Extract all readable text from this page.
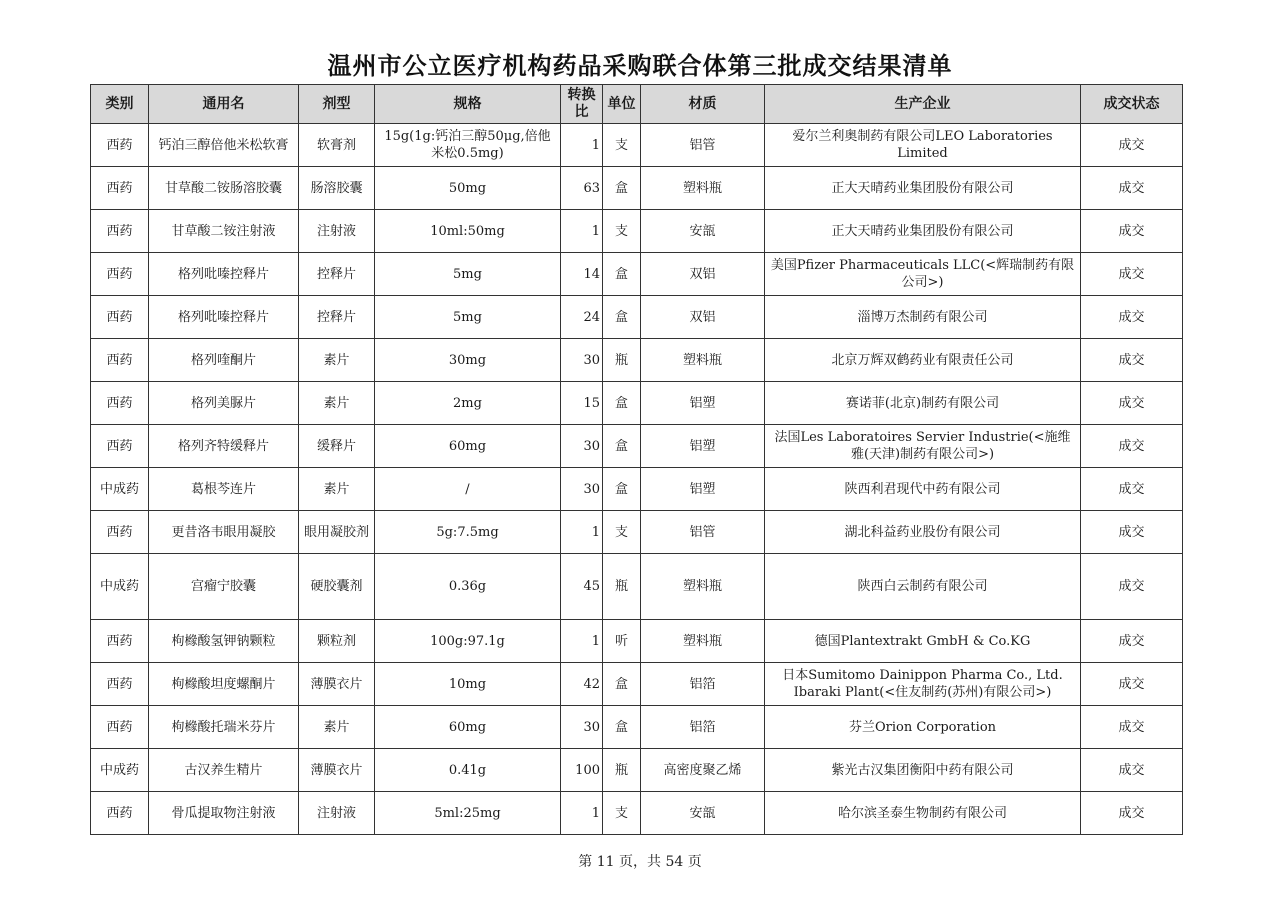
温州市公立医疗机构药品采购联合体第三批成交结果清单
类别	通用名	剂型	规格	转换比	单位	材质	生产企业	成交状态
西药	钙泊三醇倍他米松软膏	软膏剂	15g(1g:钙泊三醇50μg,倍他米松0.5mg)	1	支	铝管	爱尔兰利奥制药有限公司LEO Laboratories Limited	成交
西药	甘草酸二铵肠溶胶囊	肠溶胶囊	50mg	63	盒	塑料瓶	正大天晴药业集团股份有限公司	成交
西药	甘草酸二铵注射液	注射液	10ml:50mg	1	支	安瓿	正大天晴药业集团股份有限公司	成交
西药	格列吡嗪控释片	控释片	5mg	14	盒	双铝	美国Pfizer Pharmaceuticals LLC(<辉瑞制药有限公司>)	成交
西药	格列吡嗪控释片	控释片	5mg	24	盒	双铝	淄博万杰制药有限公司	成交
西药	格列喹酮片	素片	30mg	30	瓶	塑料瓶	北京万辉双鹤药业有限责任公司	成交
西药	格列美脲片	素片	2mg	15	盒	铝塑	赛诺菲(北京)制药有限公司	成交
西药	格列齐特缓释片	缓释片	60mg	30	盒	铝塑	法国Les Laboratoires Servier Industrie(<施维雅(天津)制药有限公司>)	成交
中成药	葛根芩连片	素片	/	30	盒	铝塑	陕西利君现代中药有限公司	成交
西药	更昔洛韦眼用凝胶	眼用凝胶剂	5g:7.5mg	1	支	铝管	湖北科益药业股份有限公司	成交
中成药	宫瘤宁胶囊	硬胶囊剂	0.36g	45	瓶	塑料瓶	陕西白云制药有限公司	成交
西药	枸橼酸氢钾钠颗粒	颗粒剂	100g:97.1g	1	听	塑料瓶	德国Plantextrakt GmbH & Co.KG	成交
西药	枸橼酸坦度螺酮片	薄膜衣片	10mg	42	盒	铝箔	日本Sumitomo Dainippon Pharma Co., Ltd. Ibaraki Plant(<住友制药(苏州)有限公司>)	成交
西药	枸橼酸托瑞米芬片	素片	60mg	30	盒	铝箔	芬兰Orion Corporation	成交
中成药	古汉养生精片	薄膜衣片	0.41g	100	瓶	高密度聚乙烯	紫光古汉集团衡阳中药有限公司	成交
西药	骨瓜提取物注射液	注射液	5ml:25mg	1	支	安瓿	哈尔滨圣泰生物制药有限公司	成交
第 11 页，共 54 页
